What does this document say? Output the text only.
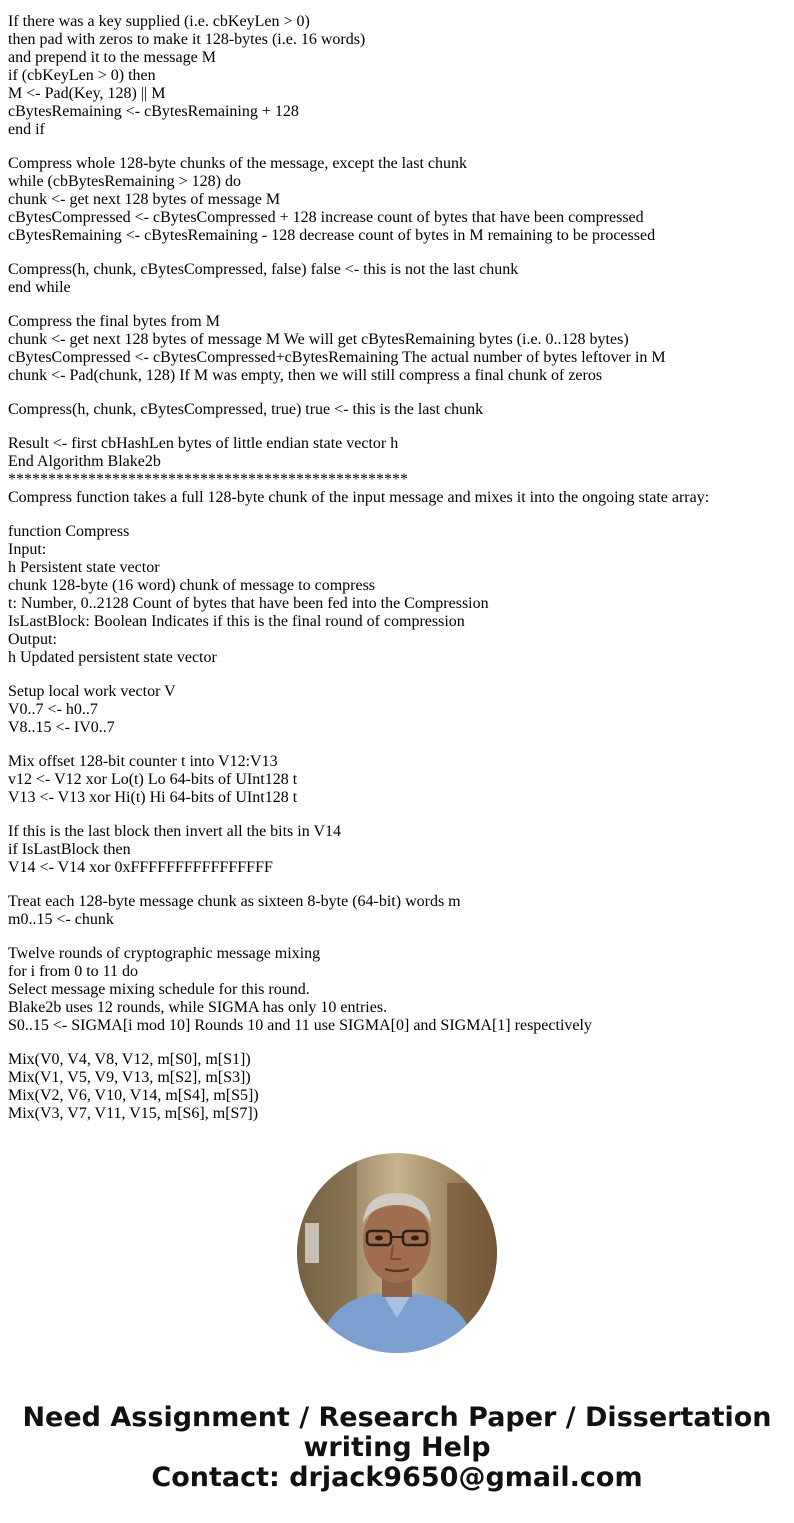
If there was a key supplied (i.e. cbKeyLen > 0)
then pad with zeros to make it 128-bytes (i.e. 16 words)
and prepend it to the message M
if (cbKeyLen > 0) then
M <- Pad(Key, 128) || M
cBytesRemaining <- cBytesRemaining + 128
end if
Compress whole 128-byte chunks of the message, except the last chunk
while (cbBytesRemaining > 128) do
chunk <- get next 128 bytes of message M
cBytesCompressed <- cBytesCompressed + 128 increase count of bytes that have been compressed
cBytesRemaining <- cBytesRemaining - 128 decrease count of bytes in M remaining to be processed
Compress(h, chunk, cBytesCompressed, false) false <- this is not the last chunk
end while
Compress the final bytes from M
chunk <- get next 128 bytes of message M We will get cBytesRemaining bytes (i.e. 0..128 bytes)
cBytesCompressed <- cBytesCompressed+cBytesRemaining The actual number of bytes leftover in M
chunk <- Pad(chunk, 128) If M was empty, then we will still compress a final chunk of zeros
Compress(h, chunk, cBytesCompressed, true) true <- this is the last chunk
Result <- first cbHashLen bytes of little endian state vector h
End Algorithm Blake2b
**************************************************
Compress function takes a full 128-byte chunk of the input message and mixes it into the ongoing state array:
function Compress
Input:
h Persistent state vector
chunk 128-byte (16 word) chunk of message to compress
t: Number, 0..2128 Count of bytes that have been fed into the Compression
IsLastBlock: Boolean Indicates if this is the final round of compression
Output:
h Updated persistent state vector
Setup local work vector V
V0..7 <- h0..7
V8..15 <- IV0..7
Mix offset 128-bit counter t into V12:V13
v12 <- V12 xor Lo(t) Lo 64-bits of UInt128 t
V13 <- V13 xor Hi(t) Hi 64-bits of UInt128 t
If this is the last block then invert all the bits in V14
if IsLastBlock then
V14 <- V14 xor 0xFFFFFFFFFFFFFFFF
Treat each 128-byte message chunk as sixteen 8-byte (64-bit) words m
m0..15 <- chunk
Twelve rounds of cryptographic message mixing
for i from 0 to 11 do
Select message mixing schedule for this round.
Blake2b uses 12 rounds, while SIGMA has only 10 entries.
S0..15 <- SIGMA[i mod 10] Rounds 10 and 11 use SIGMA[0] and SIGMA[1] respectively
Mix(V0, V4, V8, V12, m[S0], m[S1])
Mix(V1, V5, V9, V13, m[S2], m[S3])
Mix(V2, V6, V10, V14, m[S4], m[S5])
Mix(V3, V7, V11, V15, m[S6], m[S7])
Need Assignment / Research Paper / Dissertation
writing Help
Contact: drjack9650@gmail.com
